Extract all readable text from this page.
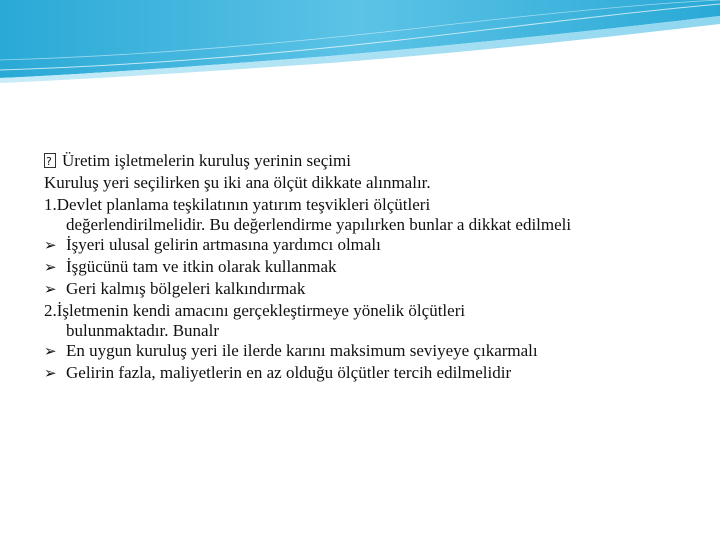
?Üretim işletmelerin kuruluş yerinin seçimi

Kuruluş yeri seçilirken şu iki ana ölçüt dikkate alınmalır.

1.Devlet planlama teşkilatının yatırım teşvikleri ölçütleri
değerlendirilmelidir. Bu değerlendirme yapılırken bunlar a dikkat edilmeli

➢ İşyeri ulusal gelirin artmasına yardımcı olmalı

➢ İşgücünü tam ve itkin olarak kullanmak

➢ Geri kalmış bölgeleri kalkındırmak

2.İşletmenin kendi amacını gerçekleştirmeye yönelik ölçütleri
bulunmaktadır. Bunalr

➢ En uygun kuruluş yeri ile ilerde karını maksimum seviyeye çıkarmalı

➢ Gelirin fazla, maliyetlerin en az olduğu ölçütler tercih edilmelidir
